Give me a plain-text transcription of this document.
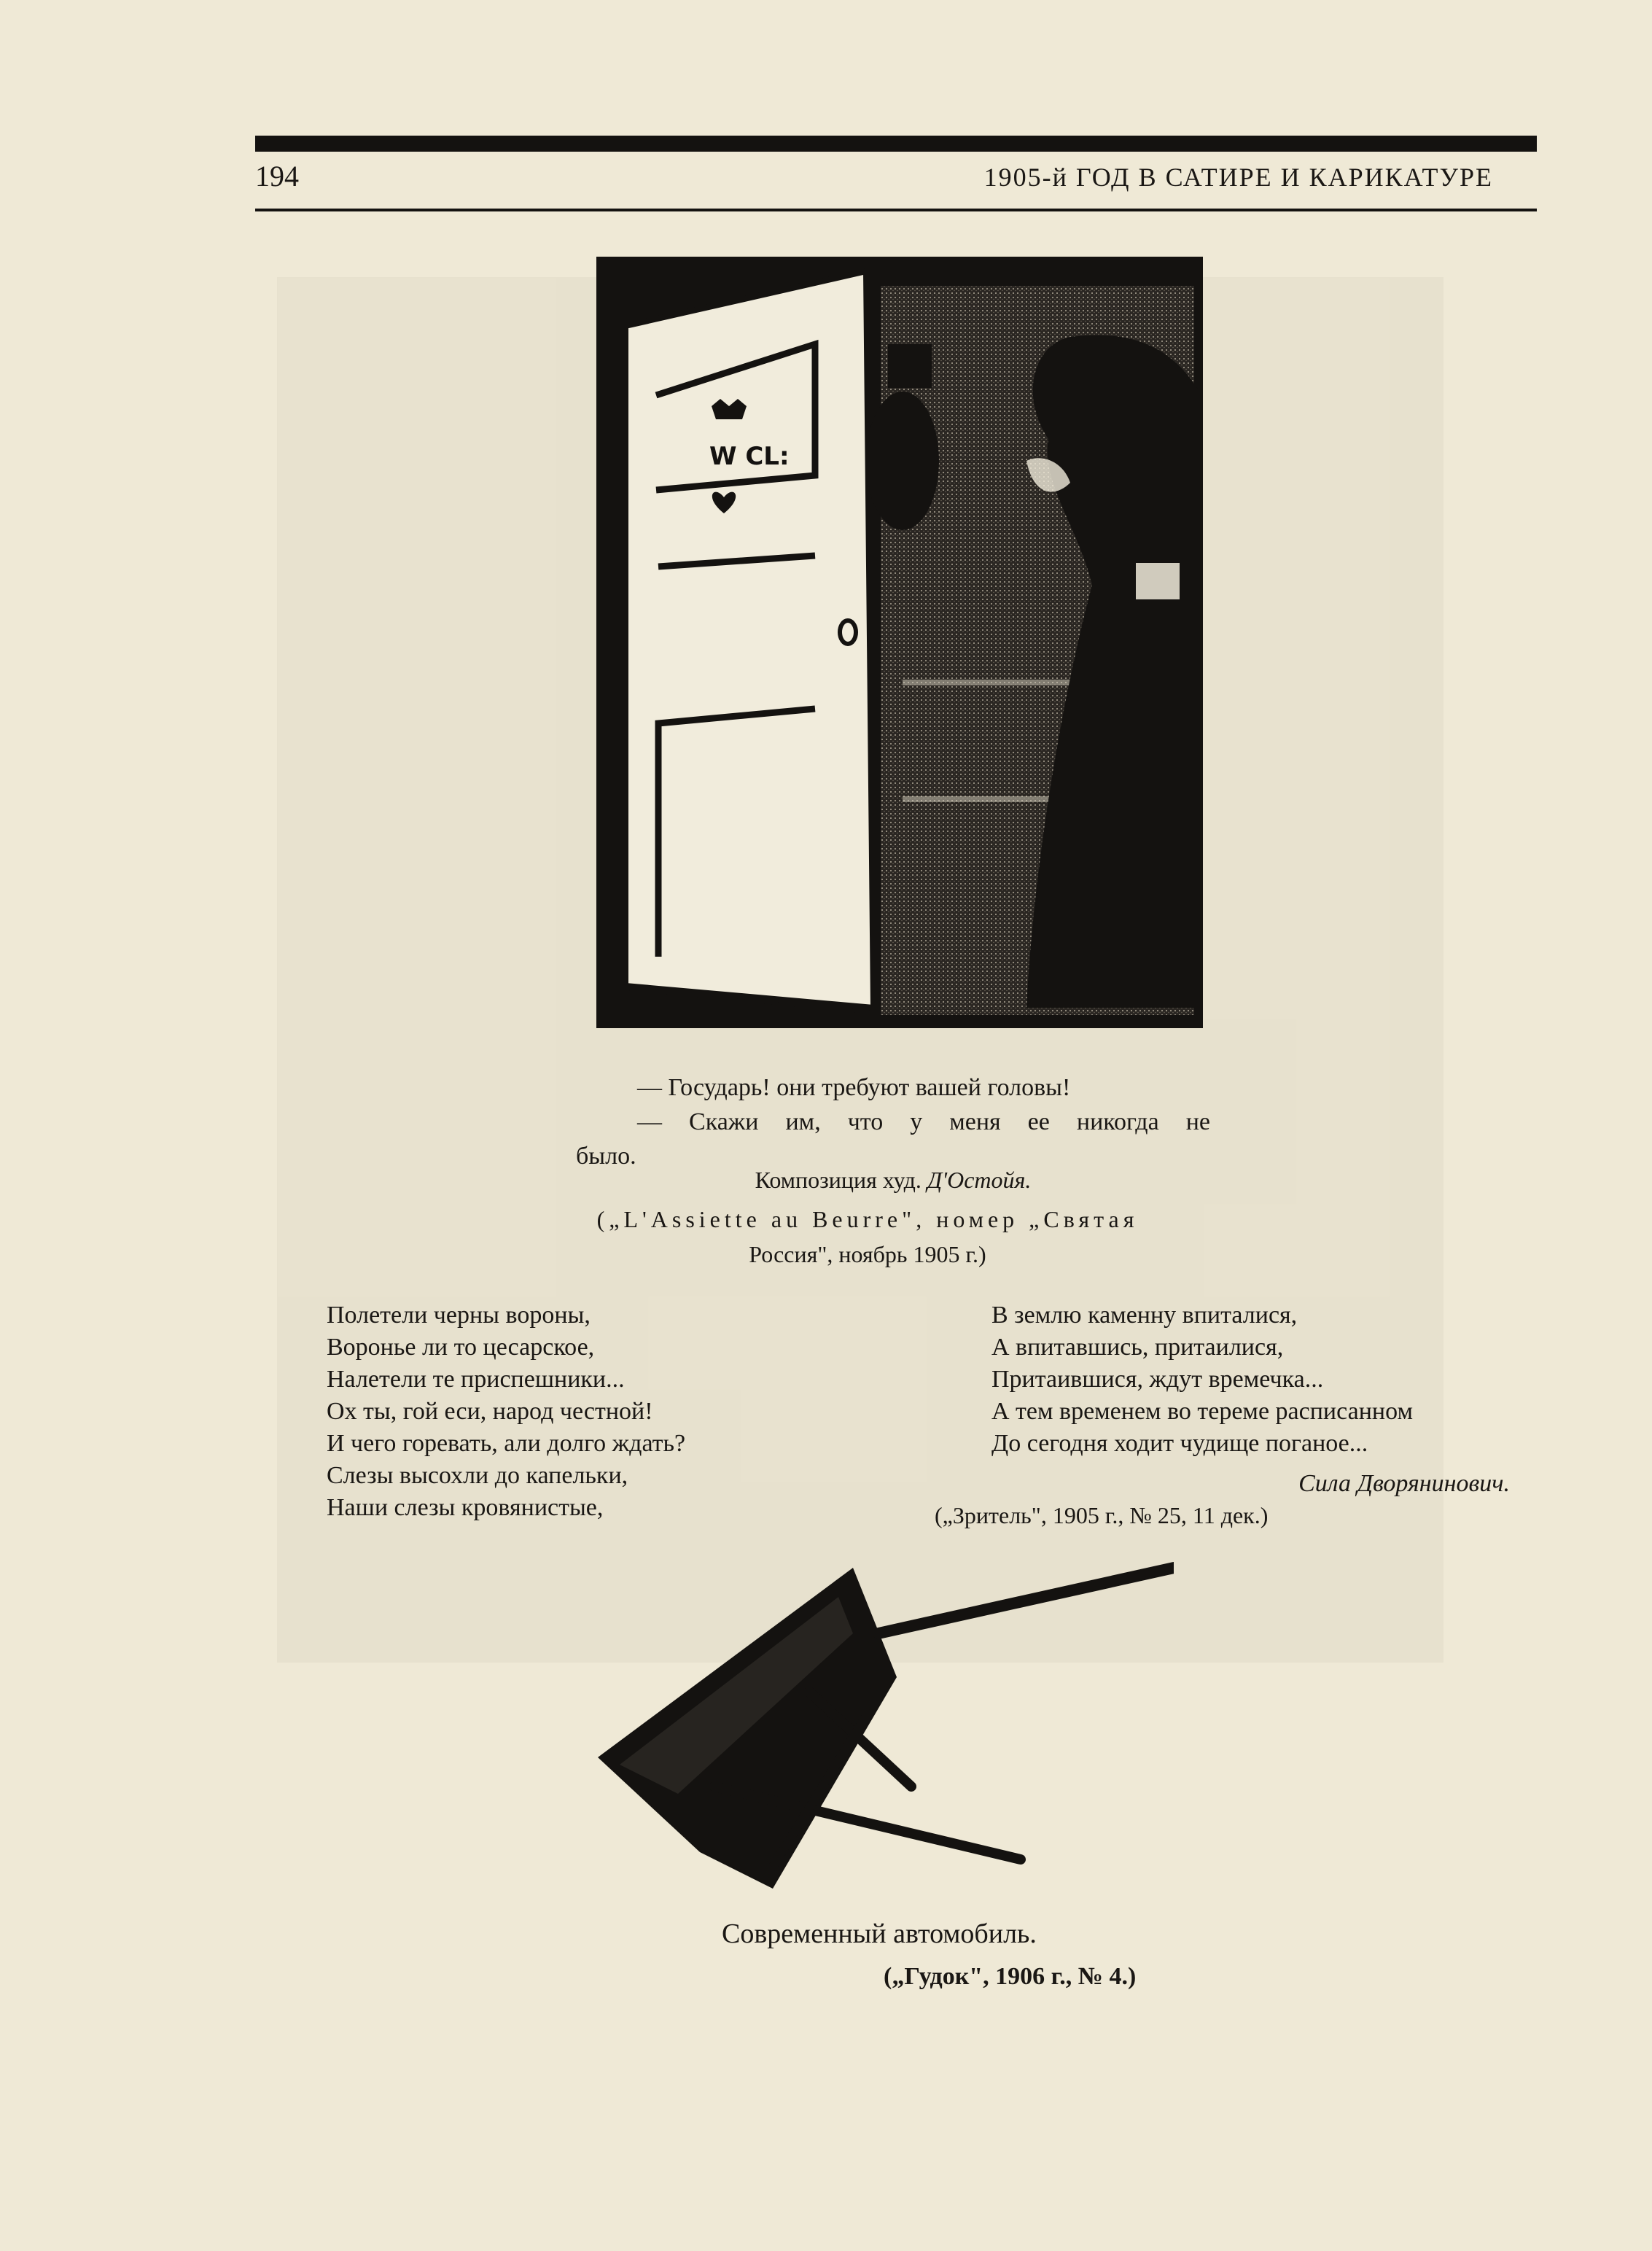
194	1905-й ГОД В САТИРЕ И КАРИКАТУРЕ
W CL:
— Государь! они требуют вашей головы!
— Скажи им, что у меня ее никогда не
было.
Композиция худ. Д'Остойя.
(„L'Assiette au Beurre", номер „Святая
Россия", ноябрь 1905 г.)
Полетели черны вороны,
Воронье ли то цесарское,
Налетели те приспешники...
Ох ты, гой еси, народ честной!
И чего горевать, али долго ждать?
Слезы высохли до капельки,
Наши слезы кровянистые,
В землю каменну впиталися,
А впитавшись, притаилися,
Притаившися, ждут времечка...
А тем временем во тереме расписанном
До сегодня ходит чудище поганое...
Сила Дворянинович.
(„Зритель", 1905 г., № 25, 11 дек.)
Современный автомобиль.
(„Гудок", 1906 г., № 4.)
